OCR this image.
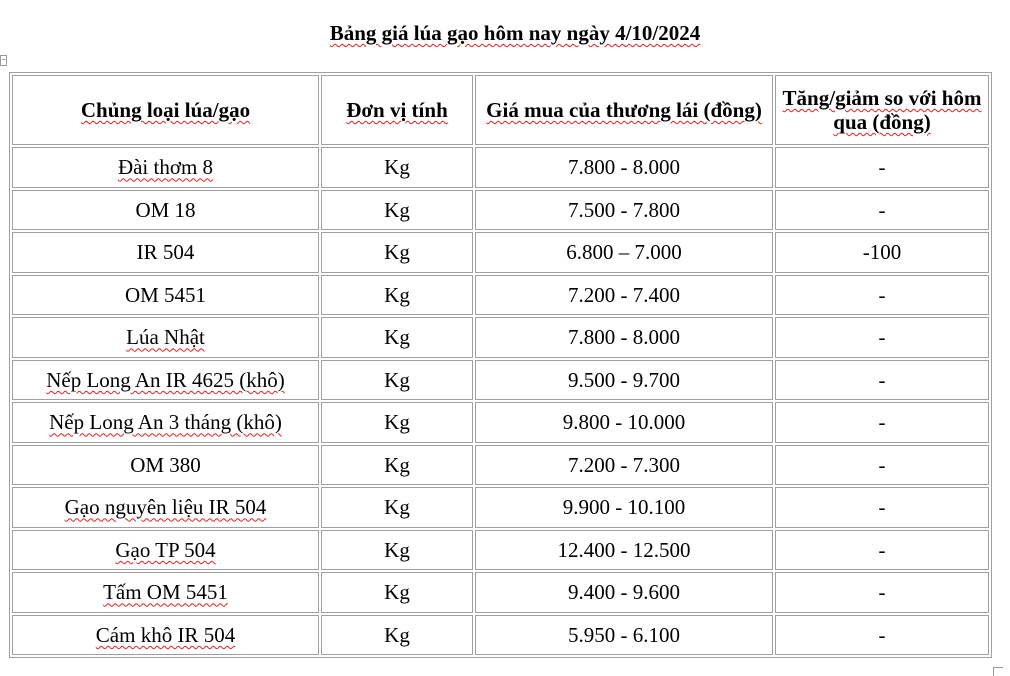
Bảng giá lúa gạo hôm nay ngày 4/10/2024
Chủng loại lúa/gạo	Đơn vị tính	Giá mua của thương lái (đồng)	Tăng/giảm so với hôm qua (đồng)
Đài thơm 8	Kg	7.800 - 8.000	-
OM 18	Kg	7.500 - 7.800	-
IR 504	Kg	6.800 – 7.000	-100
OM 5451	Kg	7.200 - 7.400	-
Lúa Nhật	Kg	7.800 - 8.000	-
Nếp Long An IR 4625 (khô)	Kg	9.500 - 9.700	-
Nếp Long An 3 tháng (khô)	Kg	9.800 - 10.000	-
OM 380	Kg	7.200 - 7.300	-
Gạo nguyên liệu IR 504	Kg	9.900 - 10.100	-
Gạo TP 504	Kg	12.400 - 12.500	-
Tấm OM 5451	Kg	9.400 - 9.600	-
Cám khô IR 504	Kg	5.950 - 6.100	-
